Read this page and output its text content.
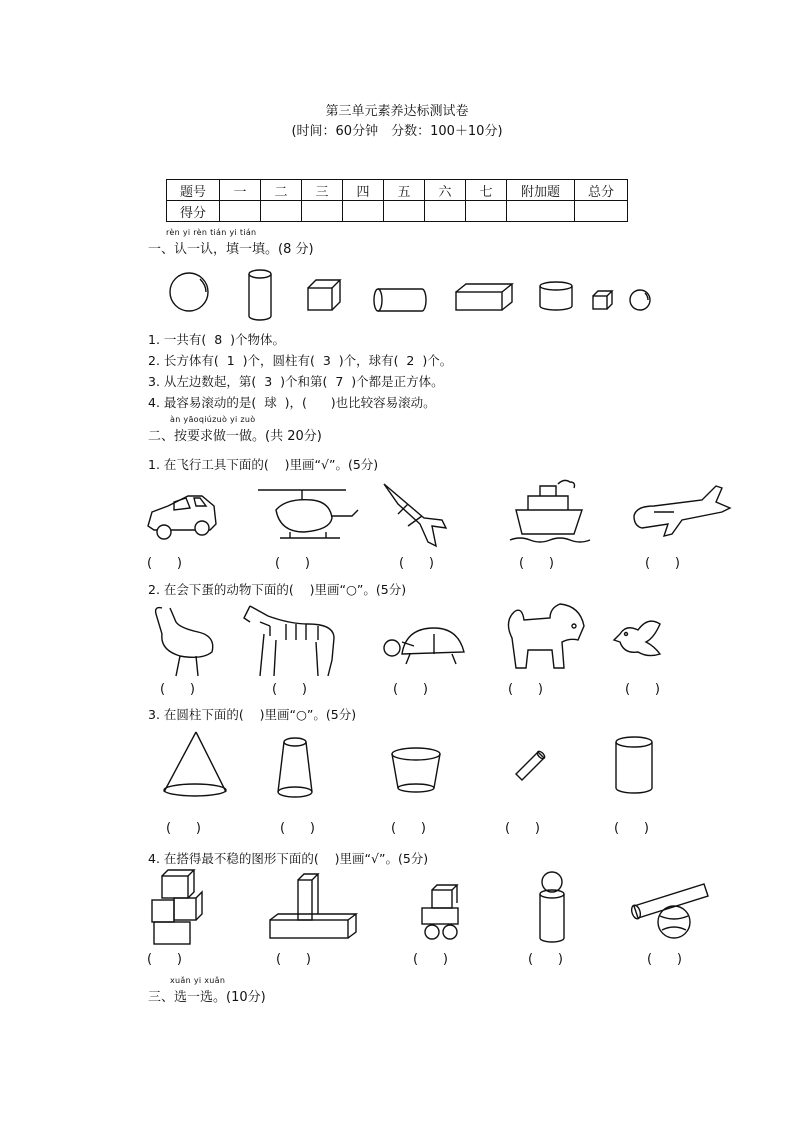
第三单元素养达标测试卷
(时间：60分钟　分数：100＋10分)
题号	一	二	三	四	五	六	七	附加题	总分
得分									
rèn yi rèn tián yi tián
一、认一认，填一填。(8 分)
1. 一共有(  8  )个物体。
2. 长方体有(  1  )个，圆柱有(  3  )个，球有(  2  )个。
3. 从左边数起，第(  3  )个和第(  7  )个都是正方体。
4. 最容易滚动的是(  球  )，(      )也比较容易滚动。
àn yāoqiúzuò yi zuò
二、按要求做一做。(共 20分)
1. 在飞行工具下面的(    )里画“√”。(5分)
(      )	(      )	(      )	(      )	(      )
2. 在会下蛋的动物下面的(    )里画“○”。(5分)
(      )	(      )	(      )	(      )	(      )
3. 在圆柱下面的(    )里画“○”。(5分)
(      )	(      )	(      )	(      )	(      )
4. 在搭得最不稳的图形下面的(    )里画“√”。(5分)
(      )	(      )	(      )	(      )	(      )
xuǎn yi xuǎn
三、选一选。(10分)
